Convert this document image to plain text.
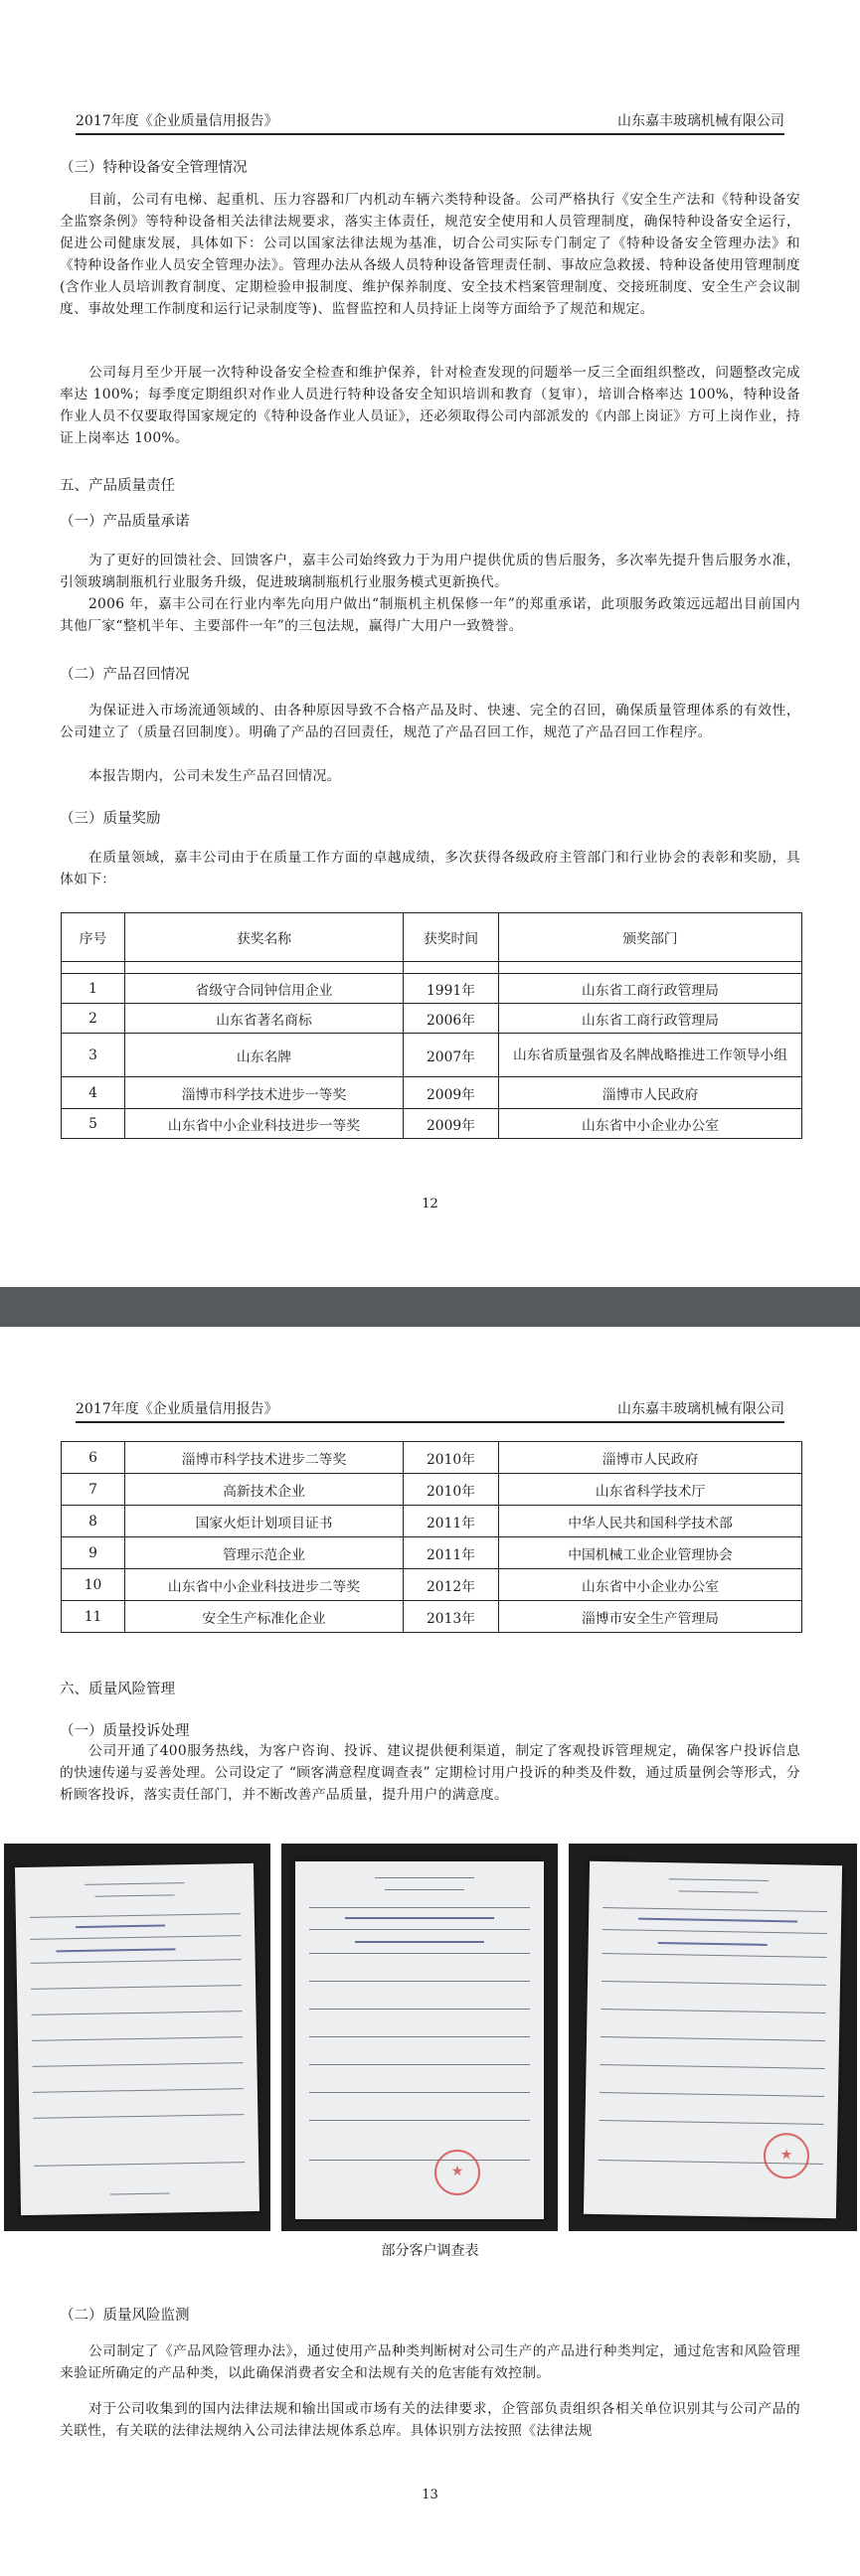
2017年度《企业质量信用报告》	山东嘉丰玻璃机械有限公司
（三）特种设备安全管理情况
目前，公司有电梯、起重机、压力容器和厂内机动车辆六类特种设备。公司严格执行《安全生产法和《特种设备安全监察条例》等特种设备相关法律法规要求，落实主体责任，规范安全使用和人员管理制度，确保特种设备安全运行，促进公司健康发展，具体如下：公司以国家法律法规为基准，切合公司实际专门制定了《特种设备安全管理办法》和《特种设备作业人员安全管理办法》。管理办法从各级人员特种设备管理责任制、事故应急救援、特种设备使用管理制度(含作业人员培训教育制度、定期检验申报制度、维护保养制度、安全技术档案管理制度、交接班制度、安全生产会议制度、事故处理工作制度和运行记录制度等)、监督监控和人员持证上岗等方面给予了规范和规定。
公司每月至少开展一次特种设备安全检查和维护保养，针对检查发现的问题举一反三全面组织整改，问题整改完成率达 100%；每季度定期组织对作业人员进行特种设备安全知识培训和教育（复审），培训合格率达 100%，特种设备作业人员不仅要取得国家规定的《特种设备作业人员证》，还必须取得公司内部派发的《内部上岗证》方可上岗作业，持证上岗率达 100%。
五、产品质量责任
（一）产品质量承诺
为了更好的回馈社会、回馈客户，嘉丰公司始终致力于为用户提供优质的售后服务，多次率先提升售后服务水准，引领玻璃制瓶机行业服务升级，促进玻璃制瓶机行业服务模式更新换代。
2006 年，嘉丰公司在行业内率先向用户做出“制瓶机主机保修一年”的郑重承诺，此项服务政策远远超出目前国内其他厂家“整机半年、主要部件一年”的三包法规，赢得广大用户一致赞誉。
（二）产品召回情况
为保证进入市场流通领域的、由各种原因导致不合格产品及时、快速、完全的召回，确保质量管理体系的有效性，公司建立了（质量召回制度）。明确了产品的召回责任，规范了产品召回工作，规范了产品召回工作程序。
本报告期内，公司未发生产品召回情况。
（三）质量奖励
在质量领域，嘉丰公司由于在质量工作方面的卓越成绩，多次获得各级政府主管部门和行业协会的表彰和奖励，具体如下：
序号	获奖名称	获奖时间	颁奖部门

1	省级守合同钟信用企业	1991年	山东省工商行政管理局
2	山东省著名商标	2006年	山东省工商行政管理局
3	山东名牌	2007年	山东省质量强省及名牌战略推进工作领导小组
4	淄博市科学技术进步一等奖	2009年	淄博市人民政府
5	山东省中小企业科技进步一等奖	2009年	山东省中小企业办公室
12
2017年度《企业质量信用报告》	山东嘉丰玻璃机械有限公司
6	淄博市科学技术进步二等奖	2010年	淄博市人民政府
7	高新技术企业	2010年	山东省科学技术厅
8	国家火炬计划项目证书	2011年	中华人民共和国科学技术部
9	管理示范企业	2011年	中国机械工业企业管理协会
10	山东省中小企业科技进步二等奖	2012年	山东省中小企业办公室
11	安全生产标准化企业	2013年	淄博市安全生产管理局
六、质量风险管理
（一）质量投诉处理
公司开通了400服务热线，为客户咨询、投诉、建议提供便利渠道，制定了客观投诉管理规定，确保客户投诉信息的快速传递与妥善处理。公司设定了 “顾客满意程度调查表” 定期检讨用户投诉的种类及件数，通过质量例会等形式，分析顾客投诉，落实责任部门，并不断改善产品质量，提升用户的满意度。
★
★
部分客户调查表
（二）质量风险监测
公司制定了《产品风险管理办法》，通过使用产品种类判断树对公司生产的产品进行种类判定，通过危害和风险管理来验证所确定的产品种类，以此确保消费者安全和法规有关的危害能有效控制。
对于公司收集到的国内法律法规和输出国或市场有关的法律要求，企管部负责组织各相关单位识别其与公司产品的关联性，有关联的法律法规纳入公司法律法规体系总库。具体识别方法按照《法律法规
13
